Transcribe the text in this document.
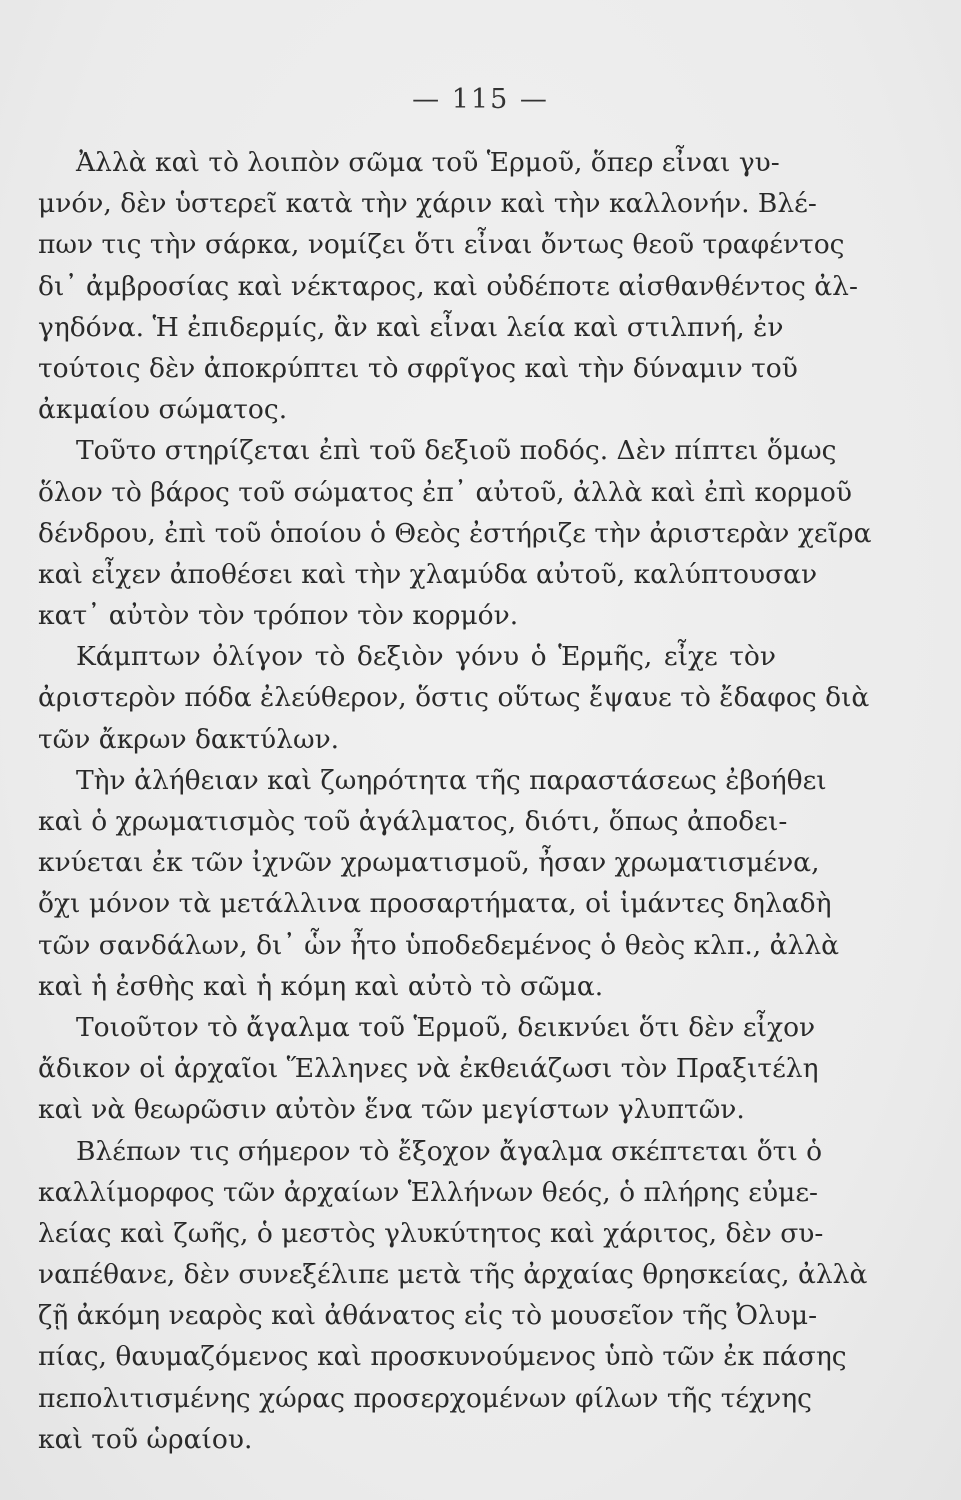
— 115 —
Ἀλλὰ καὶ τὸ λοιπὸν σῶμα τοῦ Ἑρμοῦ, ὅπερ εἶναι γυ-
μνόν, δὲν ὑστερεῖ κατὰ τὴν χάριν καὶ τὴν καλλονήν. Βλέ-
πων τις τὴν σάρκα, νομίζει ὅτι εἶναι ὄντως θεοῦ τραφέντος
δι᾽ ἀμβροσίας καὶ νέκταρος, καὶ οὐδέποτε αἰσθανθέντος ἀλ-
γηδόνα. Ἡ ἐπιδερμίς, ἂν καὶ εἶναι λεία καὶ στιλπνή, ἐν
τούτοις δὲν ἀποκρύπτει τὸ σφρῖγος καὶ τὴν δύναμιν τοῦ
ἀκμαίου σώματος.
Τοῦτο στηρίζεται ἐπὶ τοῦ δεξιοῦ ποδός. Δὲν πίπτει ὅμως
ὅλον τὸ βάρος τοῦ σώματος ἐπ᾽ αὐτοῦ, ἀλλὰ καὶ ἐπὶ κορμοῦ
δένδρου, ἐπὶ τοῦ ὁποίου ὁ Θεὸς ἐστήριζε τὴν ἀριστερὰν χεῖρα
καὶ εἶχεν ἀποθέσει καὶ τὴν χλαμύδα αὐτοῦ, καλύπτουσαν
κατ᾽ αὐτὸν τὸν τρόπον τὸν κορμόν.
Κάμπτων ὀλίγον τὸ δεξιὸν γόνυ ὁ Ἑρμῆς, εἶχε τὸν
ἀριστερὸν πόδα ἐλεύθερον, ὅστις οὕτως ἔψαυε τὸ ἔδαφος διὰ
τῶν ἄκρων δακτύλων.
Τὴν ἀλήθειαν καὶ ζωηρότητα τῆς παραστάσεως ἐβοήθει
καὶ ὁ χρωματισμὸς τοῦ ἀγάλματος, διότι, ὅπως ἀποδει-
κνύεται ἐκ τῶν ἰχνῶν χρωματισμοῦ, ἦσαν χρωματισμένα,
ὄχι μόνον τὰ μετάλλινα προσαρτήματα, οἱ ἱμάντες δηλαδὴ
τῶν σανδάλων, δι᾽ ὧν ἦτο ὑποδεδεμένος ὁ θεὸς κλπ., ἀλλὰ
καὶ ἡ ἐσθὴς καὶ ἡ κόμη καὶ αὐτὸ τὸ σῶμα.
Τοιοῦτον τὸ ἄγαλμα τοῦ Ἑρμοῦ, δεικνύει ὅτι δὲν εἶχον
ἄδικον οἱ ἀρχαῖοι Ἕλληνες νὰ ἐκθειάζωσι τὸν Πραξιτέλη
καὶ νὰ θεωρῶσιν αὐτὸν ἕνα τῶν μεγίστων γλυπτῶν.
Βλέπων τις σήμερον τὸ ἔξοχον ἄγαλμα σκέπτεται ὅτι ὁ
καλλίμορφος τῶν ἀρχαίων Ἑλλήνων θεός, ὁ πλήρης εὐμε-
λείας καὶ ζωῆς, ὁ μεστὸς γλυκύτητος καὶ χάριτος, δὲν συ-
ναπέθανε, δὲν συνεξέλιπε μετὰ τῆς ἀρχαίας θρησκείας, ἀλλὰ
ζῇ ἀκόμη νεαρὸς καὶ ἀθάνατος εἰς τὸ μουσεῖον τῆς Ὀλυμ-
πίας, θαυμαζόμενος καὶ προσκυνούμενος ὑπὸ τῶν ἐκ πάσης
πεπολιτισμένης χώρας προσερχομένων φίλων τῆς τέχνης
καὶ τοῦ ὡραίου.
